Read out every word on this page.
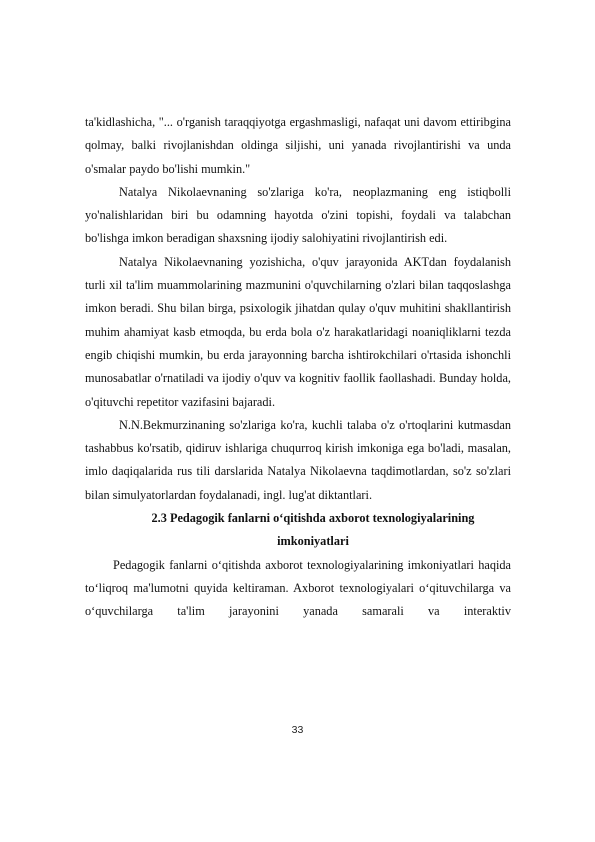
ta'kidlashicha, "... o'rganish taraqqiyotga ergashmasligi, nafaqat uni davom ettiribgina qolmay, balki rivojlanishdan oldinga siljishi, uni yanada rivojlantirishi va unda o'smalar paydo bo'lishi mumkin."

Natalya Nikolaevnaning so'zlariga ko'ra, neoplazmaning eng istiqbolli yo'nalishlaridan biri bu odamning hayotda o'zini topishi, foydali va talabchan bo'lishga imkon beradigan shaxsning ijodiy salohiyatini rivojlantirish edi.

Natalya Nikolaevnaning yozishicha, o'quv jarayonida AKTdan foydalanish turli xil ta'lim muammolarining mazmunini o'quvchilarning o'zlari bilan taqqoslashga imkon beradi. Shu bilan birga, psixologik jihatdan qulay o'quv muhitini shakllantirish muhim ahamiyat kasb etmoqda, bu erda bola o'z harakatlaridagi noaniqliklarni tezda engib chiqishi mumkin, bu erda jarayonning barcha ishtirokchilari o'rtasida ishonchli munosabatlar o'rnatiladi va ijodiy o'quv va kognitiv faollik faollashadi. Bunday holda, o'qituvchi repetitor vazifasini bajaradi.

N.N.Bekmurzinaning so'zlariga ko'ra, kuchli talaba o'z o'rtoqlarini kutmasdan tashabbus ko'rsatib, qidiruv ishlariga chuqurroq kirish imkoniga ega bo'ladi, masalan, imlo daqiqalarida rus tili darslarida Natalya Nikolaevna taqdimotlardan, so'z so'zlari bilan simulyatorlardan foydalanadi, ingl. lug'at diktantlari.

2.3 Pedagogik fanlarni o‘qitishda axborot texnologiyalarining

imkoniyatlari

Pedagogik fanlarni o‘qitishda axborot texnologiyalarining imkoniyatlari haqida to‘liqroq ma'lumotni quyida keltiraman. Axborot texnologiyalari o‘qituvchilarga va o‘quvchilarga ta'lim jarayonini yanada samarali va interaktiv

33
